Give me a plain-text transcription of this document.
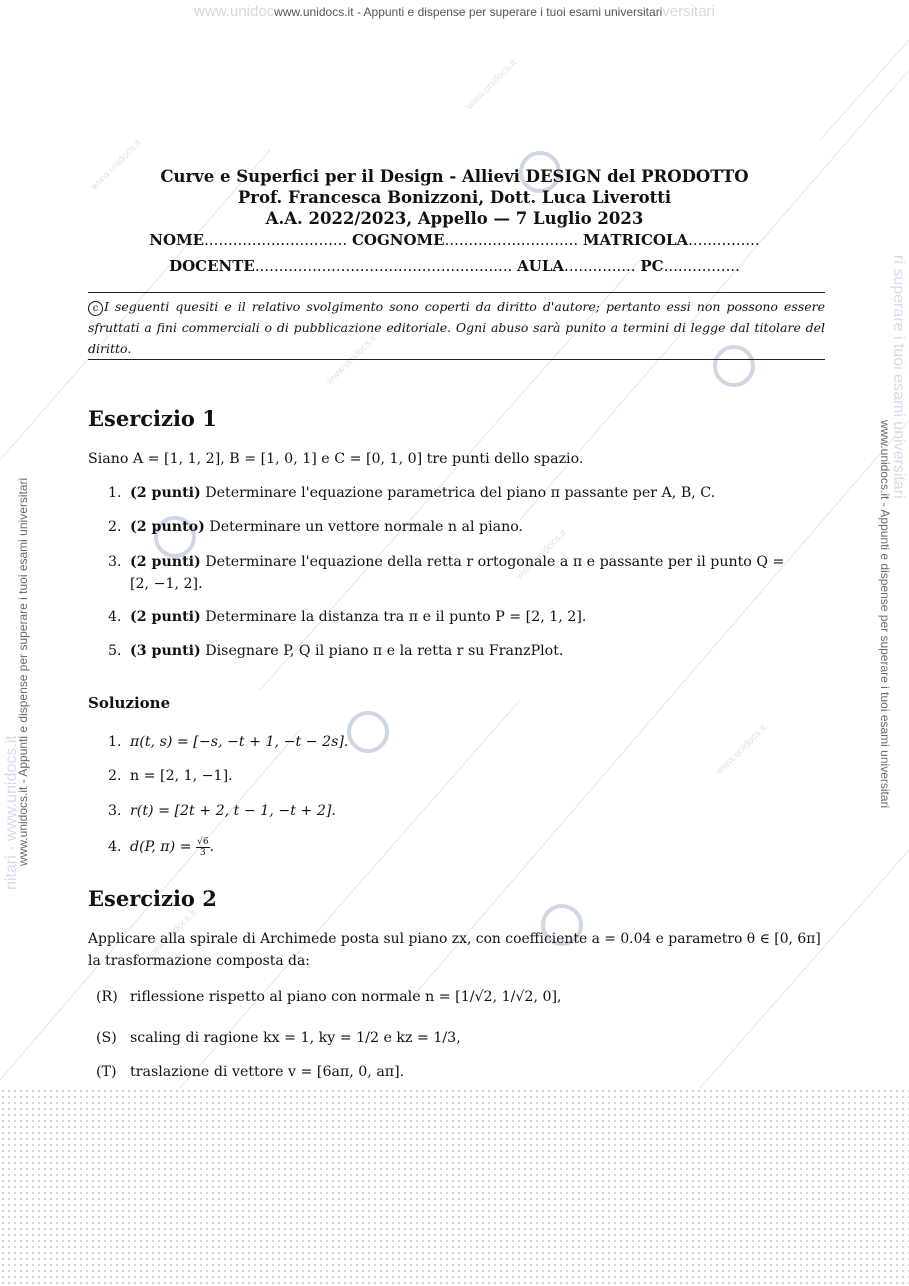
www.unidocs.it
www.unidocs.it
www.unidocs.it
www.unidocs.it
www.unidocs.it
www.unidocs.it
www.unidocwww.unidocs.it - Appunti e dispense per superare i tuoi esami universitariversitari
nitari · www.unidocs.it
www.unidocs.it - Appunti e dispense per superare i tuoi esami universitari
ri superare i tuoi esami universitari
www.unidocs.it - Appunti e dispense per superare i tuoi esami universitari
Curve e Superfici per il Design - Allievi DESIGN del PRODOTTO
Prof. Francesca Bonizzoni, Dott. Luca Liverotti
A.A. 2022/2023, Appello — 7 Luglio 2023
NOME.............................. COGNOME............................ MATRICOLA...............
DOCENTE...................................................... AULA............... PC................
c I seguenti quesiti e il relativo svolgimento sono coperti da diritto d'autore; pertanto essi non possono essere sfruttati a fini commerciali o di pubblicazione editoriale. Ogni abuso sarà punito a termini di legge dal titolare del diritto.
Esercizio 1
Siano A = [1, 1, 2], B = [1, 0, 1] e C = [0, 1, 0] tre punti dello spazio.
1. (2 punti) Determinare l'equazione parametrica del piano π passante per A, B, C.
2. (2 punto) Determinare un vettore normale n al piano.
3. (2 punti) Determinare l'equazione della retta r ortogonale a π e passante per il punto Q =
[2, −1, 2].
4. (2 punti) Determinare la distanza tra π e il punto P = [2, 1, 2].
5. (3 punti) Disegnare P, Q il piano π e la retta r su FranzPlot.
Soluzione
1. π(t, s) = [−s, −t + 1, −t − 2s].
2. n = [2, 1, −1].
3. r(t) = [2t + 2, t − 1, −t + 2].
4. d(P, $\pi) = \frac{√6}{3}$ .
Esercizio 2
Applicare alla spirale di Archimede posta sul piano zx, con coefficiente a = 0.04 e parametro θ ∈ [0, 6π]
la trasformazione composta da:
(R) riflessione rispetto al piano con normale n = [1/√2, 1/√2, 0],
(S) scaling di ragione kx = 1, ky = 1/2 e kz = 1/3,
(T) traslazione di vettore v = [6aπ, 0, aπ].
